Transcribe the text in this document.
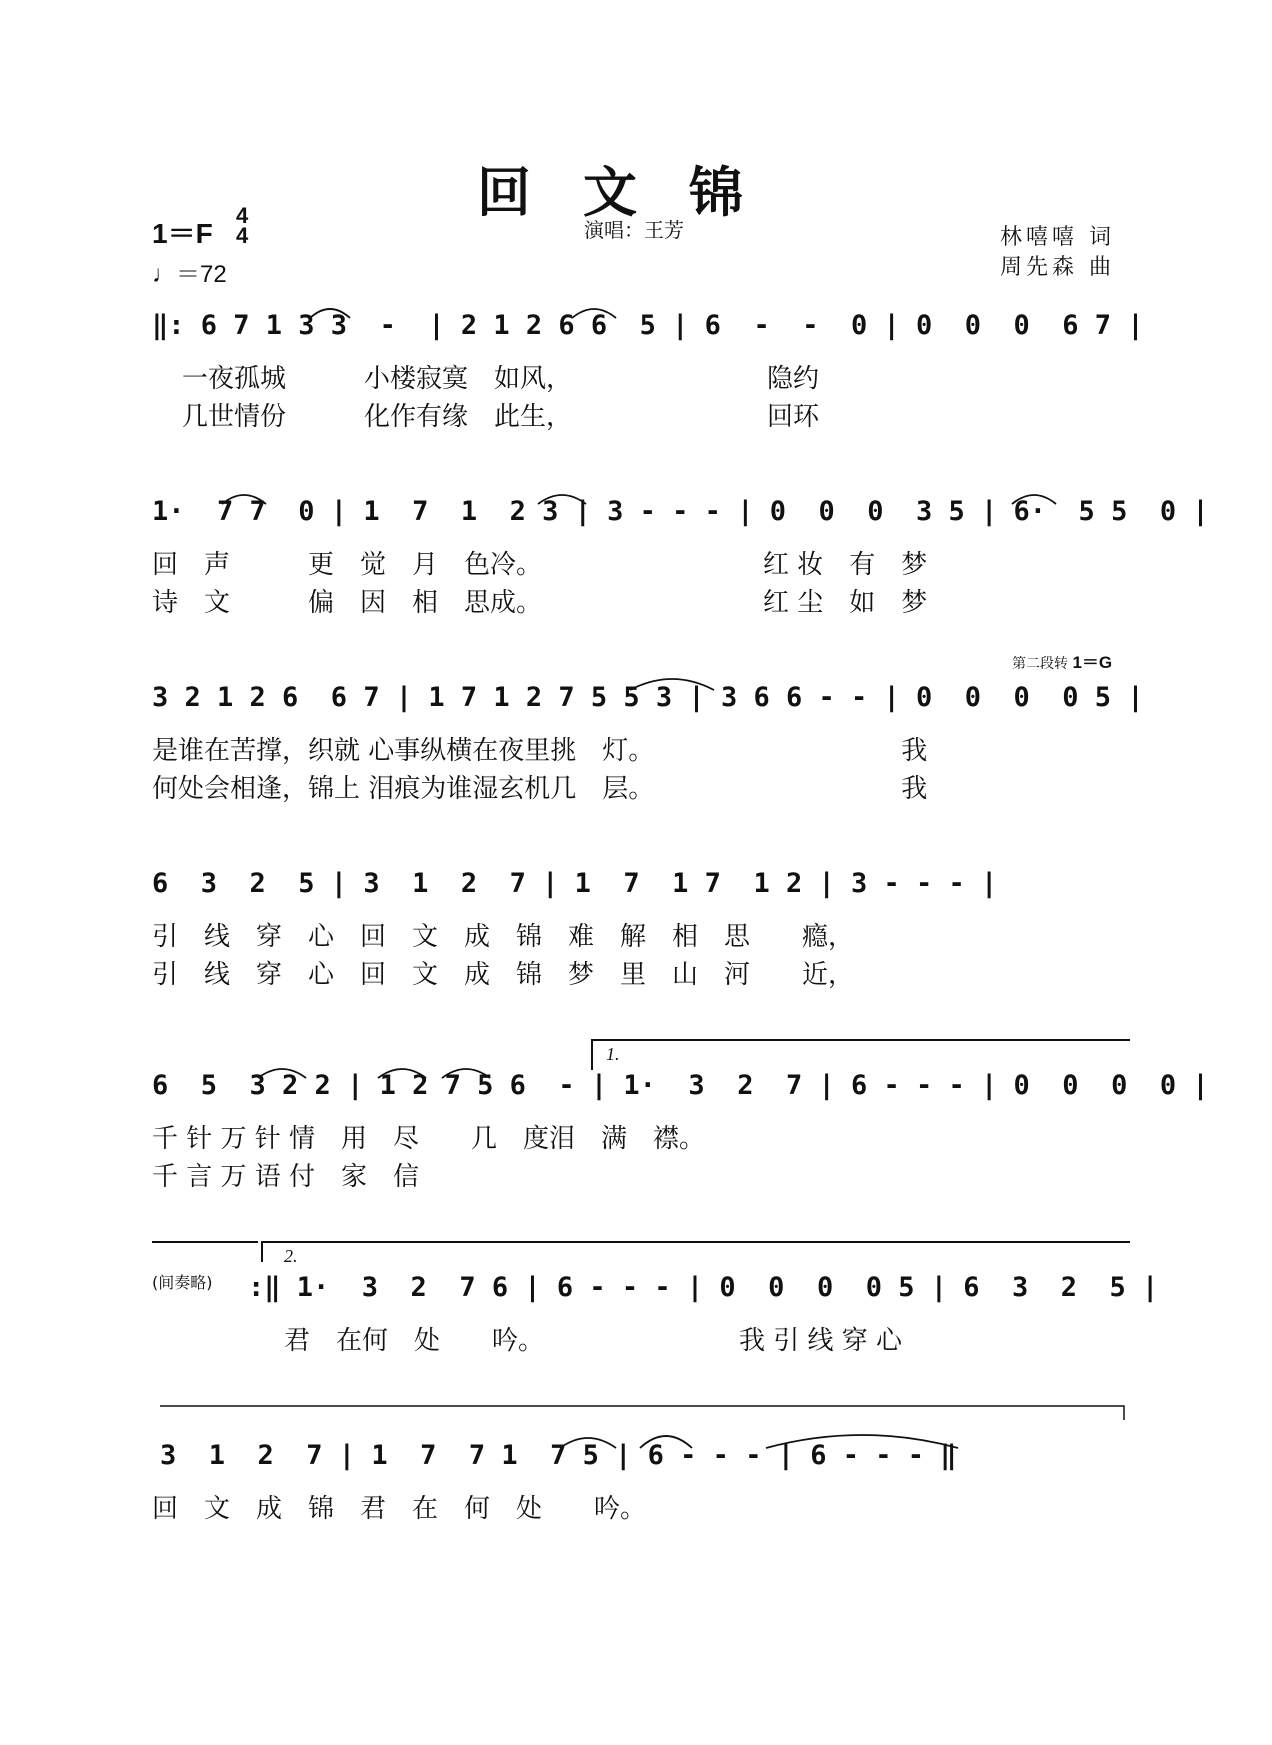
回文锦
1＝F
4
4
♩＝72
演唱：王芳	林嘻嘻 词
周先森 曲
第二段转 1＝G
‖: 6 7 1 3 3  -  | 2 1 2 6 6  5 | 6  -  -  0 | 0  0  0  6 7 |
一夜孤城　　　小楼寂寞　如风，　　　　　　　　隐约
几世情份　　　化作有缘　此生，　　　　　　　　回环
1·  7 7  0 | 1  7  1  2 3 | 3 - - - | 0  0  0  3 5 | 6·  5 5  0 |
回　声　　　更　觉　月　色冷。　　　　　　　　　红 妆　有　梦
诗　文　　　偏　因　相　思成。　　　　　　　　　红 尘　如　梦
3 2 1 2 6  6 7 | 1 7 1 2 7 5 5 3 | 3 6 6 - - | 0  0  0  0 5 |
是谁在苦撑，织就 心事纵横在夜里挑　灯。　　　　　　　　　　我
何处会相逢，锦上 泪痕为谁湿玄机几　层。　　　　　　　　　　我
6  3  2  5 | 3  1  2  7 | 1  7  1 7  1 2 | 3 - - - |
引　线　穿　心　回　文　成　锦　难　解　相　思　　瘾，
引　线　穿　心　回　文　成　锦　梦　里　山　河　　近，
6  5  3 2 2 | 1 2 7 5 6  - | 1·  3  2  7 | 6 - - - | 0  0  0  0 |
千 针 万 针 情　用　尽　　几　度泪　满　襟。
千 言 万 语 付　家　信
(间奏略) :‖ 1·  3  2  7 6 | 6 - - - | 0  0  0  0 5 | 6  3  2  5 |
君　在何　处　　吟。　　　　　　　　我 引 线 穿 心
3  1  2  7 | 1  7  7 1  7 5 | 6 - - - | 6 - - - ‖
回　文　成　锦　君　在　何　处　　吟。
1.
2.
